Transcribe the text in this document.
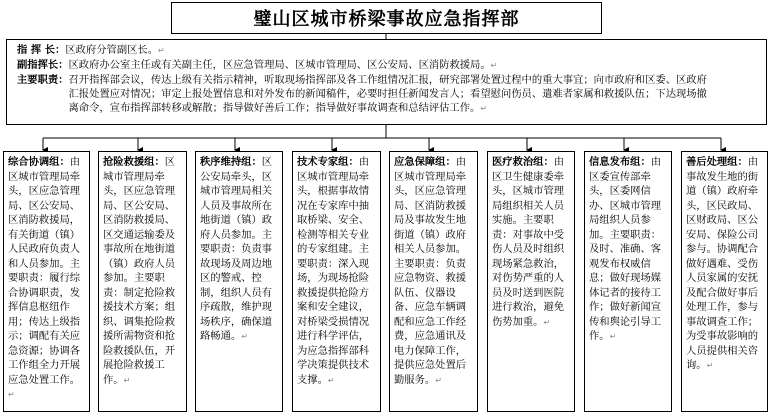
璧山区城市桥梁事故应急指挥部
指 挥 长： 区政府分管副区长。↵
副指挥长： 区政府办公室主任或有关副主任，区应急管理局、区城市管理局、区公安局、区消防救援局。↵
主要职责： 召开指挥部会议，传达上级有关指示精神，听取现场指挥部及各工作组情况汇报，研究部署处置过程中的重大事宜；向市政府和区委、区政府
汇报处置应对情况；审定上报处置信息和对外发布的新闻稿件，必要时担任新闻发言人；看望慰问伤员、遣难者家属和救援队伍；下达现场撤
离命令，宣布指挥部转移或解散；指导做好善后工作；指导做好事故调查和总结评估工作。↵
综合协调组：由区城市管理局牵头，区应急管理局、区公安局、区消防救援局，有关街道（镇）人民政府负责人和人员参加。主要职责：履行综合协调职责，发挥信息枢纽作用；传达上级指示；调配有关应急资源；协调各工作组全力开展应急处置工作。↵
抢险救援组：区城市管理局牵头，区应急管理局、区公安局、区消防救援局、区交通运输委及事故所在地街道（镇）政府人员参加。主要职责：制定抢险救援技术方案；组织、调集抢险救援所需物资和抢险救援队伍，开展抢险救援工作。↵
秩序维持组：区公安局牵头，区城市管理局相关人员及事故所在地街道（镇）政府人员参加。主要职责：负责事故现场及周边地区的警戒、控制，组织人员有序疏散，维护现场秩序，确保道路畅通。↵
技术专家组：由区城市管理局牵头，根据事故情况在专家库中抽取桥梁、安全、检测等相关专业的专家组建。主要职责：深入现场，为现场抢险救援提供抢险方案和安全建议，对桥梁受损情况进行科学评估，为应急指挥部科学决策提供技术支撑。↵
应急保障组：由区城市管理局牵头，区应急管理局、区消防救援局及事故发生地街道（镇）政府相关人员参加。主要职责：负责应急物资、救援队伍、仪器设备、应急车辆调配和应急工作经费，应急通讯及电力保障工作，提供应急处置后勤服务。↵
医疗救治组：由区卫生健康委牵头，区城市管理局组织相关人员实施。主要职责：对事故中受伤人员及时组织现场紧急救治，对伤势严重的人员及时送到医院进行救治，避免伤势加重。↵
信息发布组：由区委宣传部牵头，区委网信办、区城市管理局组织人员参加。主要职责：及时、准确、客观发布权威信息；做好现场媒体记者的接待工作；做好新闻宣传和舆论引导工作。↵
善后处理组：由事故发生地的街道（镇）政府牵头，区民政局、区财政局、区公安局、保险公司参与。协调配合做好遇难、受伤人员家属的安抚及配合做好事后处理工作，参与事故调查工作；为受事故影响的人员提供相关咨询。↵
